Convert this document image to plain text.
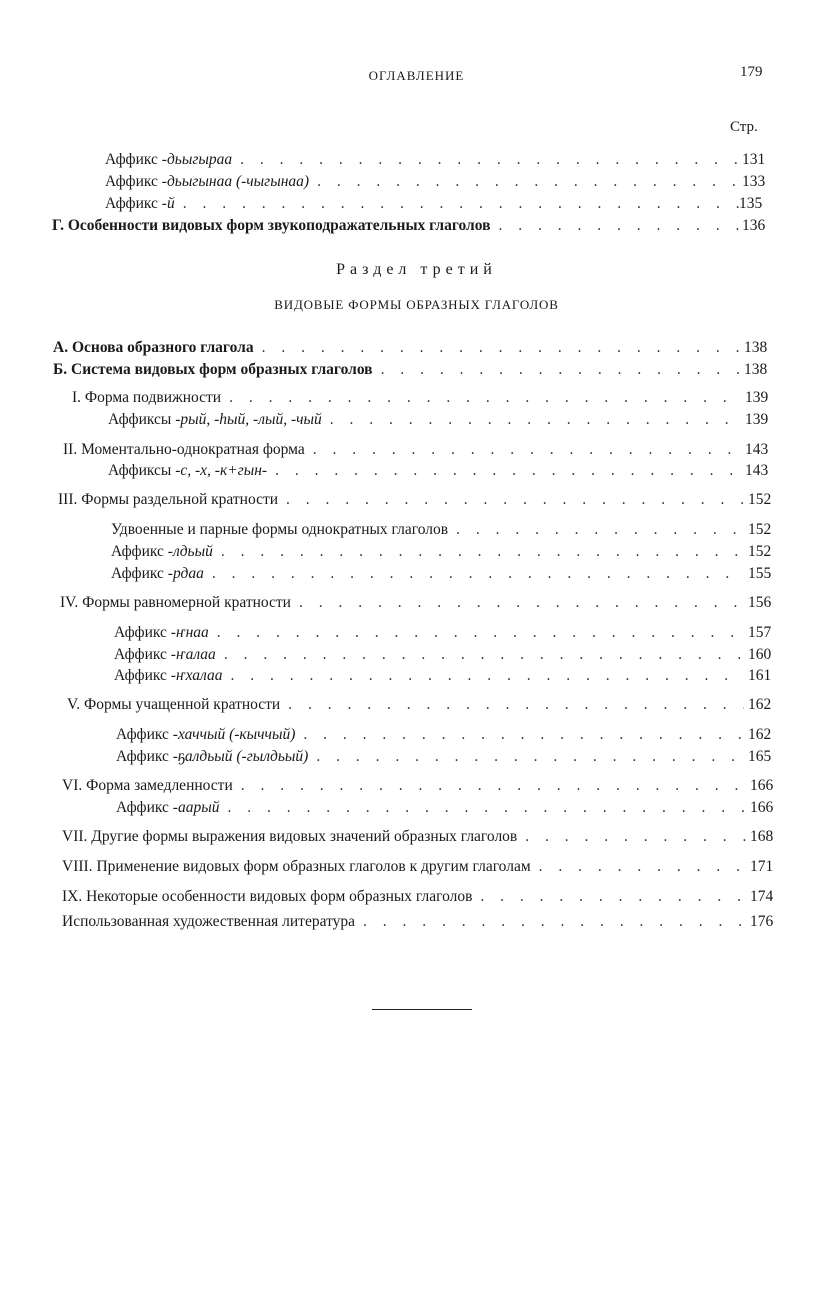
ОГЛАВЛЕНИЕ	179
Стр.
Аффикс -дьыгыраа . . .	131
Аффикс -дьыгынаа (-чыгынаа) . . .	133
Аффикс -й . . .	135
Г. Особенности видовых форм звукоподражательных глаголов . . .	136
Раздел третий
ВИДОВЫЕ ФОРМЫ ОБРАЗНЫХ ГЛАГОЛОВ
А. Основа образного глагола . . .	138
Б. Система видовых форм образных глаголов . . .	138
I. Форма подвижности . . .	139
Аффиксы -рый, -һый, -лый, -чый . . .	139
II. Моментально-однократная форма . . .	143
Аффиксы -с, -х, -к+гын- . . .	143
III. Формы раздельной кратности . . .	152
Удвоенные и парные формы однократных глаголов . . .	152
Аффикс -лдьый . . .	152
Аффикс -рдаа . . .	155
IV. Формы равномерной кратности . . .	156
Аффикс -ҥнаа . . .	157
Аффикс -ҥалаа . . .	160
Аффикс -ҥхалаа . . .	161
V. Формы учащенной кратности . . .	162
Аффикс -хаччый (-кыччый) . . .	162
Аффикс -ҕалдьый (-гылдьый) . . .	165
VI. Форма замедленности . . .	166
Аффикс -аарый . . .	166
VII. Другие формы выражения видовых значений образных глаголов . . .	168
VIII. Применение видовых форм образных глаголов к другим глаголам . . .	171
IX. Некоторые особенности видовых форм образных глаголов . . .	174
Использованная художественная литература . . .	176
